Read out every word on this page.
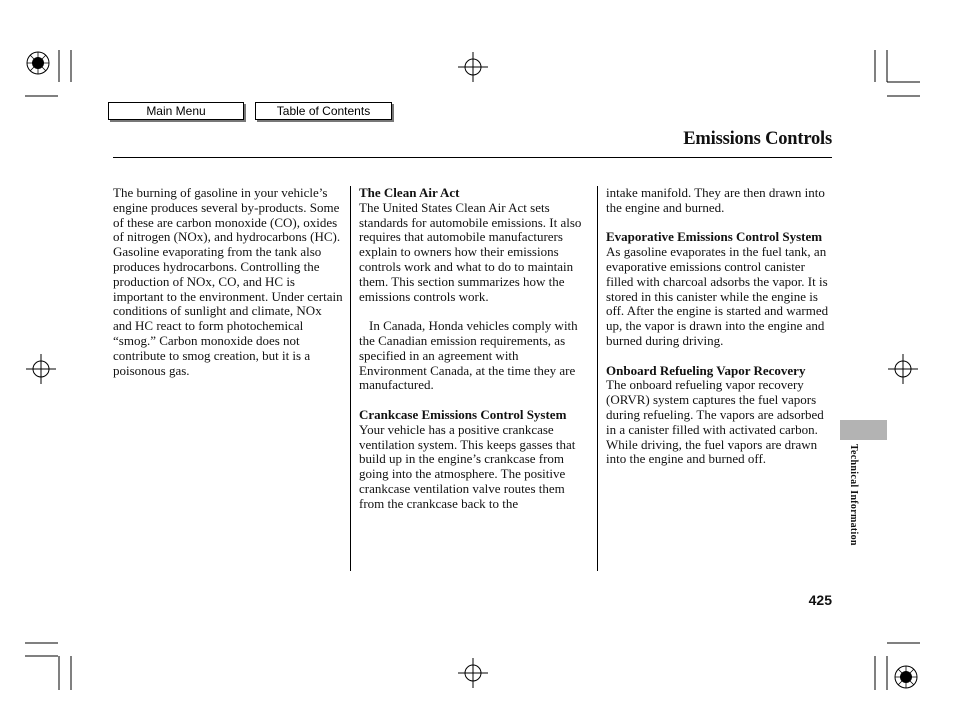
Main Menu	Table of Contents
Emissions Controls

The burning of gasoline in your vehicle’s engine produces several by-products. Some of these are carbon monoxide (CO), oxides of nitrogen (NOx), and hydrocarbons (HC). Gasoline evaporating from the tank also produces hydrocarbons. Controlling the production of NOx, CO, and HC is important to the environment. Under certain conditions of sunlight and climate, NOx and HC react to form photochemical “smog.” Carbon monoxide does not contribute to smog creation, but it is a poisonous gas.

The Clean Air Act

The United States Clean Air Act sets standards for automobile emissions. It also requires that automobile manufacturers explain to owners how their emissions controls work and what to do to maintain them. This section summarizes how the emissions controls work.

In Canada, Honda vehicles comply with the Canadian emission requirements, as specified in an agreement with Environment Canada, at the time they are manufactured.

Crankcase Emissions Control System

Your vehicle has a positive crankcase ventilation system. This keeps gasses that build up in the engine’s crankcase from going into the atmosphere. The positive crankcase ventilation valve routes them from the crankcase back to the

intake manifold. They are then drawn into the engine and burned.

Evaporative Emissions Control System

As gasoline evaporates in the fuel tank, an evaporative emissions control canister filled with charcoal adsorbs the vapor. It is stored in this canister while the engine is off. After the engine is started and warmed up, the vapor is drawn into the engine and burned during driving.

Onboard Refueling Vapor Recovery

The onboard refueling vapor recovery (ORVR) system captures the fuel vapors during refueling. The vapors are adsorbed in a canister filled with activated carbon. While driving, the fuel vapors are drawn into the engine and burned off.	Technical Information
425
